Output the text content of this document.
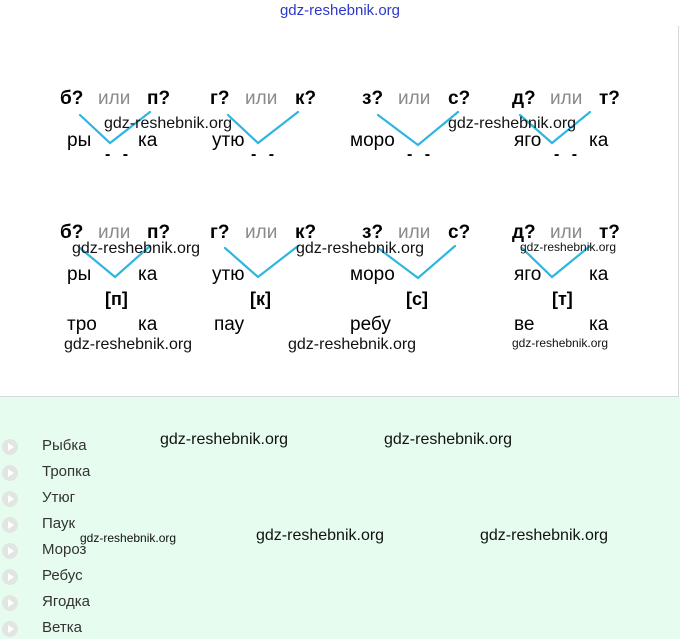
gdz-reshebnik.org
б? или п?
ры ка
- -
г? или к?
утю
- -
з? или с?
моро
- -
д? или т?
яго	ка
- -
gdz-reshebnik.org	gdz-reshebnik.org
б? или п?
ры ка
[п]
тро ка
г? или к?
утю
[к]
пау
з? или с?
моро
[с]
ребу
д? или т?
яго	ка
[т]
ве	ка
gdz-reshebnik.org	gdz-reshebnik.org	gdz-reshebnik.org
gdz-reshebnik.org	gdz-reshebnik.org	gdz-reshebnik.org
Рыбка
Тропка
Утюг
Паук
Мороз
Ребус
Ягодка
Ветка
gdz-reshebnik.org	gdz-reshebnik.org
gdz-reshebnik.org	gdz-reshebnik.org	gdz-reshebnik.org
